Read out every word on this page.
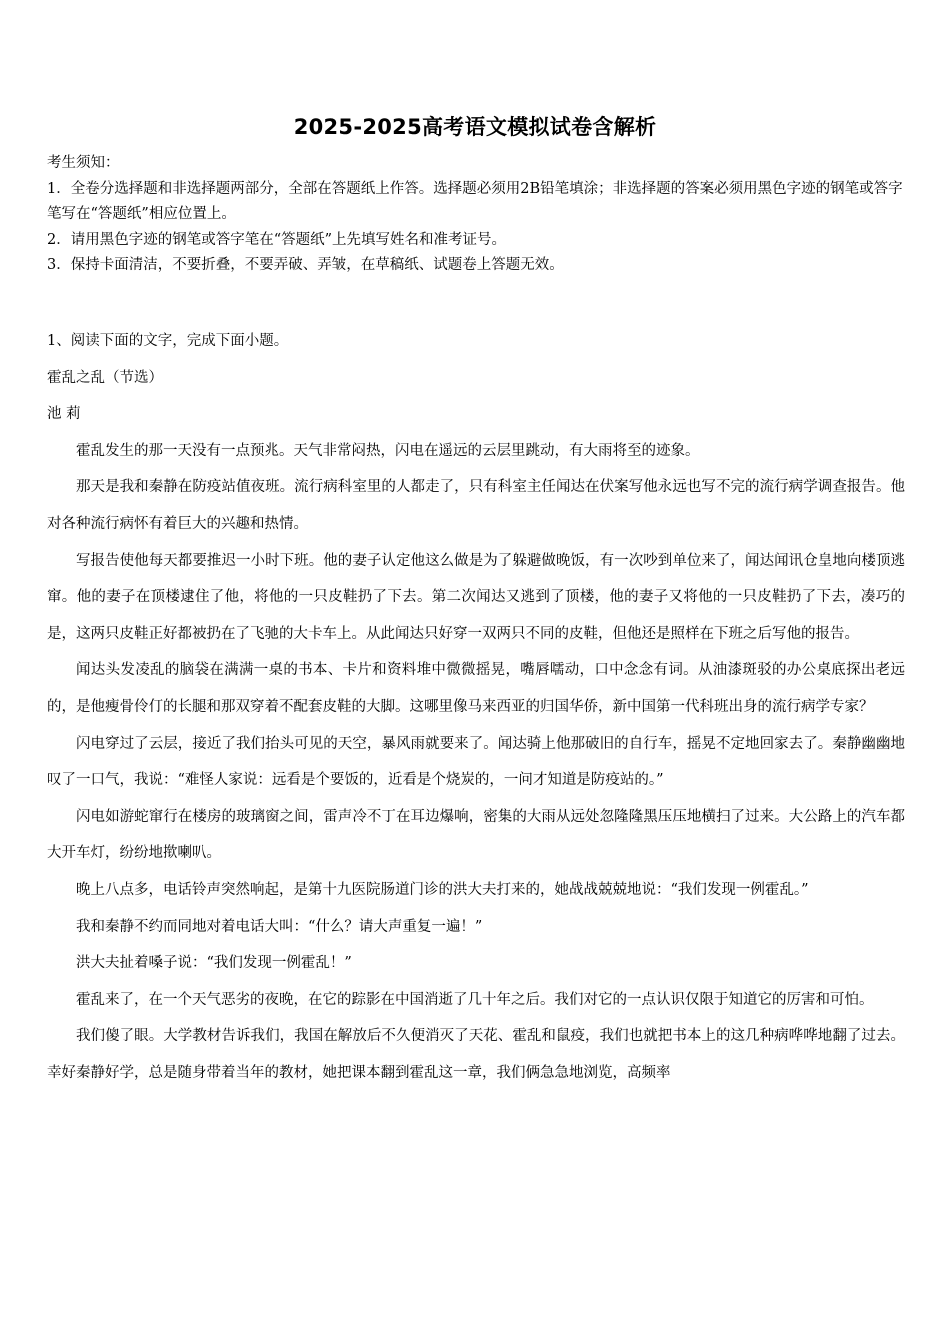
2025-2025高考语文模拟试卷含解析

考生须知：

1．全卷分选择题和非选择题两部分，全部在答题纸上作答。选择题必须用2B铅笔填涂；非选择题的答案必须用黑色字迹的钢笔或答字笔写在“答题纸”相应位置上。

2．请用黑色字迹的钢笔或答字笔在“答题纸”上先填写姓名和准考证号。

3．保持卡面清洁，不要折叠，不要弄破、弄皱，在草稿纸、试题卷上答题无效。

1、阅读下面的文字，完成下面小题。

霍乱之乱（节选）

池 莉

霍乱发生的那一天没有一点预兆。天气非常闷热，闪电在遥远的云层里跳动，有大雨将至的迹象。

那天是我和秦静在防疫站值夜班。流行病科室里的人都走了，只有科室主任闻达在伏案写他永远也写不完的流行病学调查报告。他对各种流行病怀有着巨大的兴趣和热情。

写报告使他每天都要推迟一小时下班。他的妻子认定他这么做是为了躲避做晚饭，有一次吵到单位来了，闻达闻讯仓皇地向楼顶逃窜。他的妻子在顶楼逮住了他，将他的一只皮鞋扔了下去。第二次闻达又逃到了顶楼，他的妻子又将他的一只皮鞋扔了下去，凑巧的是，这两只皮鞋正好都被扔在了飞驰的大卡车上。从此闻达只好穿一双两只不同的皮鞋，但他还是照样在下班之后写他的报告。

闻达头发凌乱的脑袋在满满一桌的书本、卡片和资料堆中微微摇晃，嘴唇嚅动，口中念念有词。从油漆斑驳的办公桌底探出老远的，是他瘦骨伶仃的长腿和那双穿着不配套皮鞋的大脚。这哪里像马来西亚的归国华侨，新中国第一代科班出身的流行病学专家？

闪电穿过了云层，接近了我们抬头可见的天空，暴风雨就要来了。闻达骑上他那破旧的自行车，摇晃不定地回家去了。秦静幽幽地叹了一口气，我说：“难怪人家说：远看是个要饭的，近看是个烧炭的，一问才知道是防疫站的。”

闪电如游蛇窜行在楼房的玻璃窗之间，雷声冷不丁在耳边爆响，密集的大雨从远处忽隆隆黑压压地横扫了过来。大公路上的汽车都大开车灯，纷纷地揿喇叭。

晚上八点多，电话铃声突然响起，是第十九医院肠道门诊的洪大夫打来的，她战战兢兢地说：“我们发现一例霍乱。”

我和秦静不约而同地对着电话大叫：“什么？请大声重复一遍！”

洪大夫扯着嗓子说：“我们发现一例霍乱！”

霍乱来了，在一个天气恶劣的夜晚，在它的踪影在中国消逝了几十年之后。我们对它的一点认识仅限于知道它的厉害和可怕。

我们傻了眼。大学教材告诉我们，我国在解放后不久便消灭了天花、霍乱和鼠疫，我们也就把书本上的这几种病哗哗地翻了过去。幸好秦静好学，总是随身带着当年的教材，她把课本翻到霍乱这一章，我们俩急急地浏览，高频率
